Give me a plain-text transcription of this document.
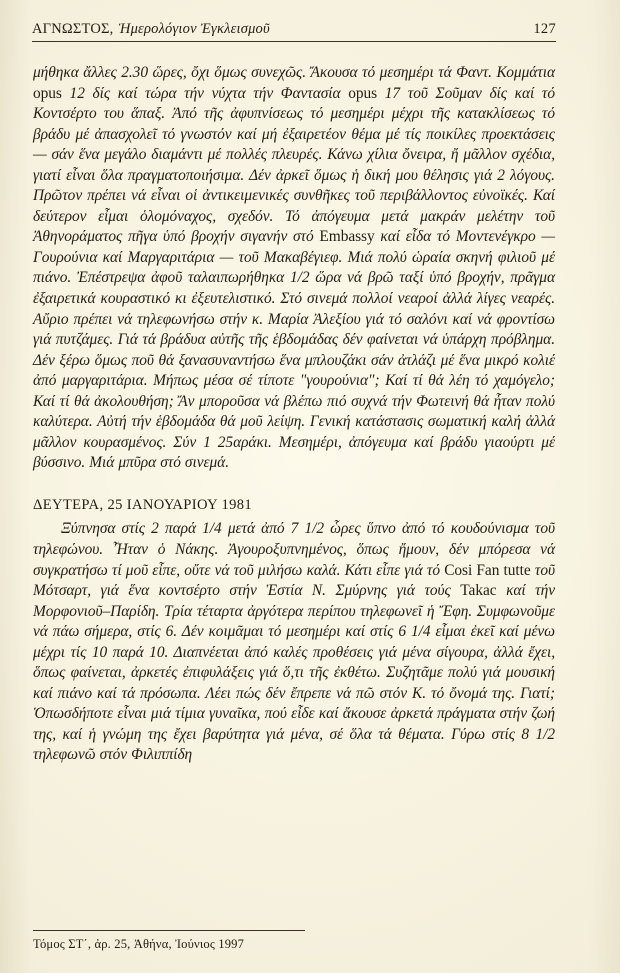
ΑΓΝΩΣΤΟΣ, Ἡμερολόγιον Ἐγκλεισμοῦ	127

μήθηκα ἄλλες 2.30 ὥρες, ὄχι ὅμως συνεχῶς. Ἄκουσα τό μεσημέρι τά Φαντ. Κομμάτια opus 12 δίς καί τώρα τήν νύχτα τήν Φαντασία opus 17 τοῦ Σοῦμαν δίς καί τό Κοντσέρτο του ἅπαξ. Ἀπό τῆς ἀφυπνίσεως τό μεσημέρι μέχρι τῆς κατακλίσεως τό βράδυ μέ ἀπασχολεῖ τό γνωστόν καί μή ἐξαιρετέον θέμα μέ τίς ποικίλες προεκτάσεις — σάν ἕνα μεγάλο διαμάντι μέ πολλές πλευρές. Κάνω χίλια ὄνειρα, ἤ μᾶλλον σχέδια, γιατί εἶναι ὅλα πραγματοποιήσιμα. Δέν ἀρκεῖ ὅμως ἡ δική μου θέλησις γιά 2 λόγους. Πρῶτον πρέπει νά εἶναι οἱ ἀντικειμενικές συνθῆκες τοῦ περιβάλλοντος εὐνοϊκές. Καί δεύτερον εἶμαι ὁλομόναχος, σχεδόν. Τό ἀπόγευμα μετά μακράν μελέτην τοῦ Ἀθηνοράματος πῆγα ὑπό βροχήν σιγανήν στό Embassy καί εἶδα τό Μοντενέγκρο — Γουρούνια καί Μαργαριτάρια — τοῦ Μακαβέγιεφ. Μιά πολύ ὡραία σκηνή φιλιοῦ μέ πιάνο. Ἐπέστρεψα ἀφοῦ ταλαιπωρήθηκα 1/2 ὥρα νά βρῶ ταξί ὑπό βροχήν, πρᾶγμα ἐξαιρετικά κουραστικό κι ἐξευτελιστικό. Στό σινεμά πολλοί νεαροί ἀλλά λίγες νεαρές. Αὔριο πρέπει νά τηλεφωνήσω στήν κ. Μαρία Ἀλεξίου γιά τό σαλόνι καί νά φροντίσω γιά πυτζάμες. Γιά τά βράδυα αὐτῆς τῆς ἑβδομάδας δέν φαίνεται νά ὑπάρχη πρόβλημα. Δέν ξέρω ὅμως ποῦ θά ξανασυναντήσω ἕνα μπλουζάκι σάν ἀτλάζι μέ ἕνα μικρό κολιέ ἀπό μαργαριτάρια. Μήπως μέσα σέ τίποτε "γουρούνια"; Καί τί θά λέη τό χαμόγελο; Καί τί θά ἀκολουθήση; Ἄν μποροῦσα νά βλέπω πιό συχνά τήν Φωτεινή θά ἦταν πολύ καλύτερα. Αὐτή τήν ἑβδομάδα θά μοῦ λείψη. Γενική κατάστασις σωματική καλή ἀλλά μᾶλλον κουρασμένος. Σύν 1 25αράκι. Μεσημέρι, ἀπόγευμα καί βράδυ γιαούρτι μέ βύσσινο. Μιά μπῦρα στό σινεμά.

ΔΕΥΤΕΡΑ, 25 ΙΑΝΟΥΑΡΙΟΥ 1981

Ξύπνησα στίς 2 παρά 1/4 μετά ἀπό 7 1/2 ὧρες ὕπνο ἀπό τό κουδούνισμα τοῦ τηλεφώνου. Ἦταν ὁ Νάκης. Ἀγουροξυπνημένος, ὅπως ἤμουν, δέν μπόρεσα νά συγκρατήσω τί μοῦ εἶπε, οὔτε νά τοῦ μιλήσω καλά. Κάτι εἶπε γιά τό Cosi Fan tutte τοῦ Μότσαρτ, γιά ἕνα κοντσέρτο στήν Ἑστία Ν. Σμύρνης γιά τούς Takac καί τήν Μορφονιοῦ–Παρίδη. Τρία τέταρτα ἀργότερα περίπου τηλεφωνεῖ ἡ Ἔφη. Συμφωνοῦμε νά πάω σήμερα, στίς 6. Δέν κοιμᾶμαι τό μεσημέρι καί στίς 6 1/4 εἶμαι ἐκεῖ καί μένω μέχρι τίς 10 παρά 10. Διαπνέεται ἀπό καλές προθέσεις γιά μένα σίγουρα, ἀλλά ἔχει, ὅπως φαίνεται, ἀρκετές ἐπιφυλάξεις γιά ὅ,τι τῆς ἐκθέτω. Συζητᾶμε πολύ γιά μουσική καί πιάνο καί τά πρόσωπα. Λέει πώς δέν ἔπρεπε νά πῶ στόν Κ. τό ὄνομά της. Γιατί; Ὁπωσδήποτε εἶναι μιά τίμια γυναῖκα, πού εἶδε καί ἄκουσε ἀρκετά πράγματα στήν ζωή της, καί ἡ γνώμη της ἔχει βαρύτητα γιά μένα, σέ ὅλα τά θέματα. Γύρω στίς 8 1/2 τηλεφωνῶ στόν Φιλιππίδη

Τόμος ΣΤ΄, ἀρ. 25, Ἀθήνα, Ἰούνιος 1997
